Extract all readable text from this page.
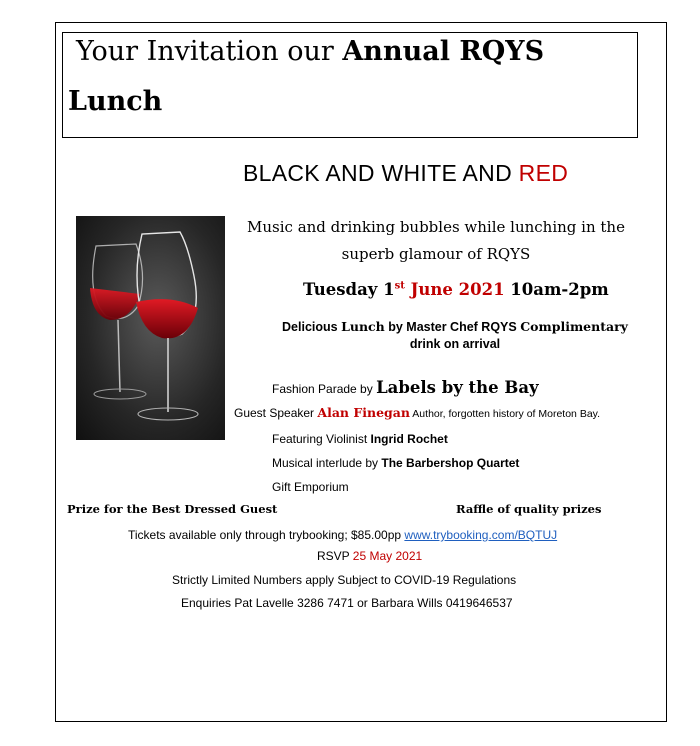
Your Invitation our Annual RQYS
Lunch
BLACK AND WHITE AND RED
Music and drinking bubbles while lunching in the superb glamour of RQYS
Tuesday 1st June 2021 10am-2pm
Delicious Lunch by Master Chef RQYS Complimentary drink on arrival
Fashion Parade by Labels by the Bay
Guest Speaker Alan Finegan Author, forgotten history of Moreton Bay.
Featuring Violinist Ingrid Rochet
Musical interlude by The Barbershop Quartet
Gift Emporium
Prize for the Best Dressed Guest	Raffle of quality prizes
Tickets available only through trybooking; $85.00pp www.trybooking.com/BQTUJ
RSVP 25 May 2021
Strictly Limited Numbers apply Subject to COVID-19 Regulations
Enquiries Pat Lavelle 3286 7471 or Barbara Wills 0419646537
